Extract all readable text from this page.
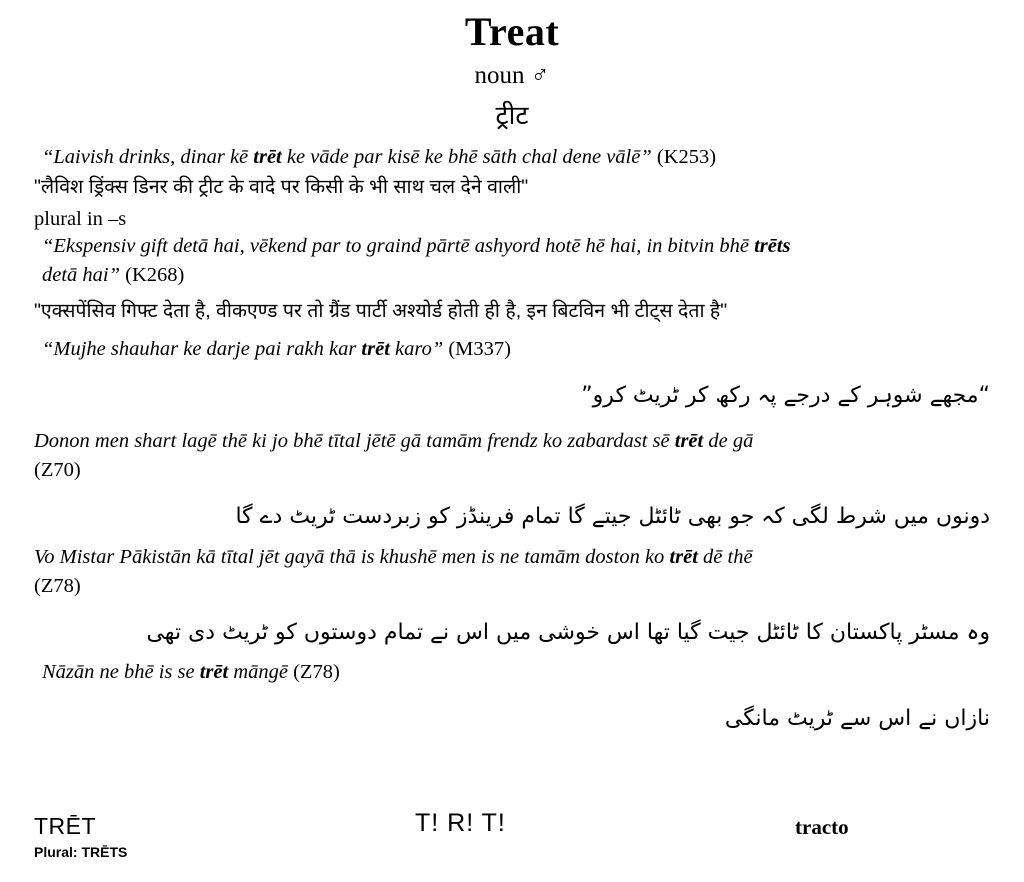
Treat
noun ♂
ट्रीट
“Laivish drinks, dinar kē trēt ke vāde par kisē ke bhē sāth chal dene vālē” (K253)
"लैविश ड्रिंक्स डिनर की ट्रीट के वादे पर किसी के भी साथ चल देने वाली"
plural in –s
“Ekspensiv gift detā hai, vēkend par to graind pārtē ashyord hotē hē hai, in bitvin bhē trēts
detā hai” (K268)
"एक्सपेंसिव गिफ्ट देता है, वीकएण्ड पर तो ग्रैंड पार्टी अश्योर्ड होती ही है, इन बिटविन भी टीट्स देता है"
“Mujhe shauhar ke darje pai rakh kar trēt karo” (M337)
“مجھے شوہر کے درجے پہ رکھ کر ٹریٹ کرو”
Donon men shart lagē thē ki jo bhē tītal jētē gā tamām frendz ko zabardast sē trēt de gā
(Z70)
دونوں میں شرط لگی کہ جو بھی ٹائٹل جیتے گا تمام فرینڈز کو زبردست ٹریٹ دے گا
Vo Mistar Pākistān kā tītal jēt gayā thā is khushē men is ne tamām doston ko trēt dē thē
(Z78)
وہ مسٹر پاکستان کا ٹائٹل جیت گیا تھا اس خوشی میں اس نے تمام دوستوں کو ٹریٹ دی تھی
Nāzān ne bhē is se trēt māngē (Z78)
نازاں نے اس سے ٹریٹ مانگی
TRĒT
Plural: TRĒTS
T! R! T!	tracto
